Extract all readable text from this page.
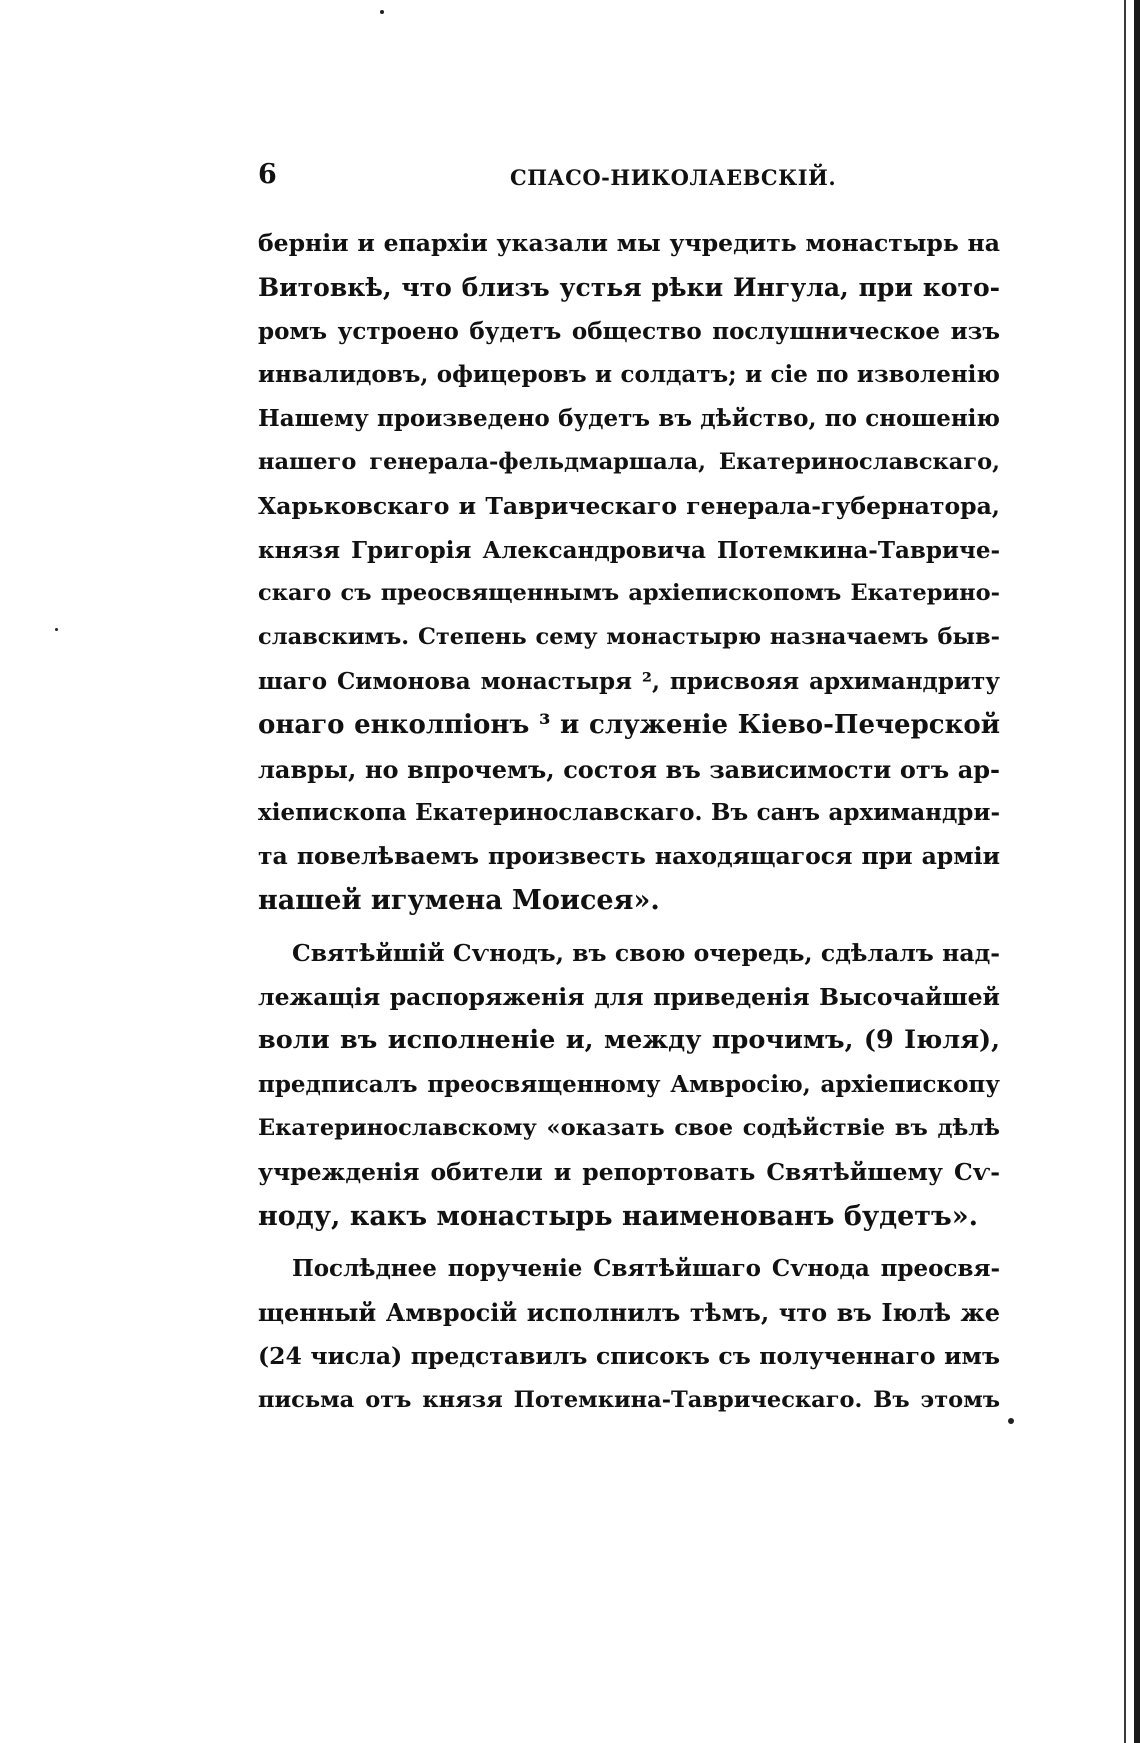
6	СПАСО-НИКОЛАЕВСКІЙ.
берніи и епархіи указали мы учредить монастырь на
Витовкѣ, что близъ устья рѣки Ингула, при кото-
ромъ устроено будетъ общество послушническое изъ
инвалидовъ, офицеровъ и солдатъ; и сіе по изволенію
Нашему произведено будетъ въ дѣйство, по сношенію
нашего генерала-фельдмаршала, Екатеринославскаго,
Харьковскаго и Таврическаго генерала-губернатора,
князя Григорія Александровича Потемкина-Тавриче-
скаго съ преосвященнымъ архіепископомъ Екатерино-
славскимъ. Степень сему монастырю назначаемъ быв-
шаго Симонова монастыря ², присвояя архимандриту
онаго енколпіонъ ³ и служеніе Кіево-Печерской
лавры, но впрочемъ, состоя въ зависимости отъ ар-
хіепископа Екатеринославскаго. Въ санъ архимандри-
та повелѣваемъ произвесть находящагося при арміи
нашей игумена Моисея».
Святѣйшій Сѵнодъ, въ свою очередь, сдѣлалъ над-
лежащія распоряженія для приведенія Высочайшей
воли въ исполненіе и, между прочимъ, (9 Іюля),
предписалъ преосвященному Амвросію, архіепископу
Екатеринославскому «оказать свое содѣйствіе въ дѣлѣ
учрежденія обители и репортовать Святѣйшему Сѵ-
ноду, какъ монастырь наименованъ будетъ».
Послѣднее порученіе Святѣйшаго Сѵнода преосвя-
щенный Амвросій исполнилъ тѣмъ, что въ Іюлѣ же
(24 числа) представилъ списокъ съ полученнаго имъ
письма отъ князя Потемкина-Таврическаго. Въ этомъ
